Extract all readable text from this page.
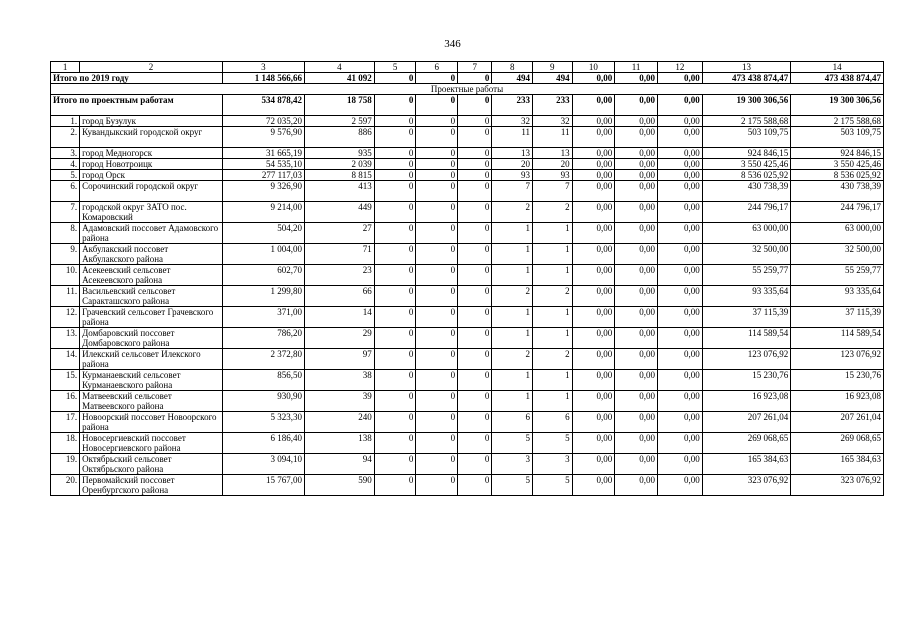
346
1	2	3	4	5	6	7	8	9	10	11	12	13	14
Итого по 2019 году		1 148 566,66	41 092	0	0	0	494	494	0,00	0,00	0,00	473 438 874,47	473 438 874,47
Проектные работы													
Итого по проектным работам		534 878,42	18 758	0	0	0	233	233	0,00	0,00	0,00	19 300 306,56	19 300 306,56
1.	город Бузулук	72 035,20	2 597	0	0	0	32	32	0,00	0,00	0,00	2 175 588,68	2 175 588,68
2.	Кувандыкский городской округ	9 576,90	886	0	0	0	11	11	0,00	0,00	0,00	503 109,75	503 109,75
3.	город Медногорск	31 665,19	935	0	0	0	13	13	0,00	0,00	0,00	924 846,15	924 846,15
4.	город Новотроицк	54 535,10	2 039	0	0	0	20	20	0,00	0,00	0,00	3 550 425,46	3 550 425,46
5.	город Орск	277 117,03	8 815	0	0	0	93	93	0,00	0,00	0,00	8 536 025,92	8 536 025,92
6.	Сорочинский городской округ	9 326,90	413	0	0	0	7	7	0,00	0,00	0,00	430 738,39	430 738,39
7.	городской округ ЗАТО пос. Комаровский	9 214,00	449	0	0	0	2	2	0,00	0,00	0,00	244 796,17	244 796,17
8.	Адамовский поссовет Адамовского района	504,20	27	0	0	0	1	1	0,00	0,00	0,00	63 000,00	63 000,00
9.	Акбулакский поссовет Акбулакского района	1 004,00	71	0	0	0	1	1	0,00	0,00	0,00	32 500,00	32 500,00
10.	Асекеевский сельсовет Асекеевского района	602,70	23	0	0	0	1	1	0,00	0,00	0,00	55 259,77	55 259,77
11.	Васильевский сельсовет Саракташского района	1 299,80	66	0	0	0	2	2	0,00	0,00	0,00	93 335,64	93 335,64
12.	Грачевский сельсовет Грачевского района	371,00	14	0	0	0	1	1	0,00	0,00	0,00	37 115,39	37 115,39
13.	Домбаровский поссовет Домбаровского района	786,20	29	0	0	0	1	1	0,00	0,00	0,00	114 589,54	114 589,54
14.	Илекский сельсовет Илекского района	2 372,80	97	0	0	0	2	2	0,00	0,00	0,00	123 076,92	123 076,92
15.	Курманаевский сельсовет Курманаевского района	856,50	38	0	0	0	1	1	0,00	0,00	0,00	15 230,76	15 230,76
16.	Матвеевский сельсовет Матвеевского района	930,90	39	0	0	0	1	1	0,00	0,00	0,00	16 923,08	16 923,08
17.	Новоорский поссовет Новоорского района	5 323,30	240	0	0	0	6	6	0,00	0,00	0,00	207 261,04	207 261,04
18.	Новосергиевский поссовет Новосергиевского района	6 186,40	138	0	0	0	5	5	0,00	0,00	0,00	269 068,65	269 068,65
19.	Октябрьский сельсовет Октябрьского района	3 094,10	94	0	0	0	3	3	0,00	0,00	0,00	165 384,63	165 384,63
20.	Первомайский поссовет Оренбургского района	15 767,00	590	0	0	0	5	5	0,00	0,00	0,00	323 076,92	323 076,92
